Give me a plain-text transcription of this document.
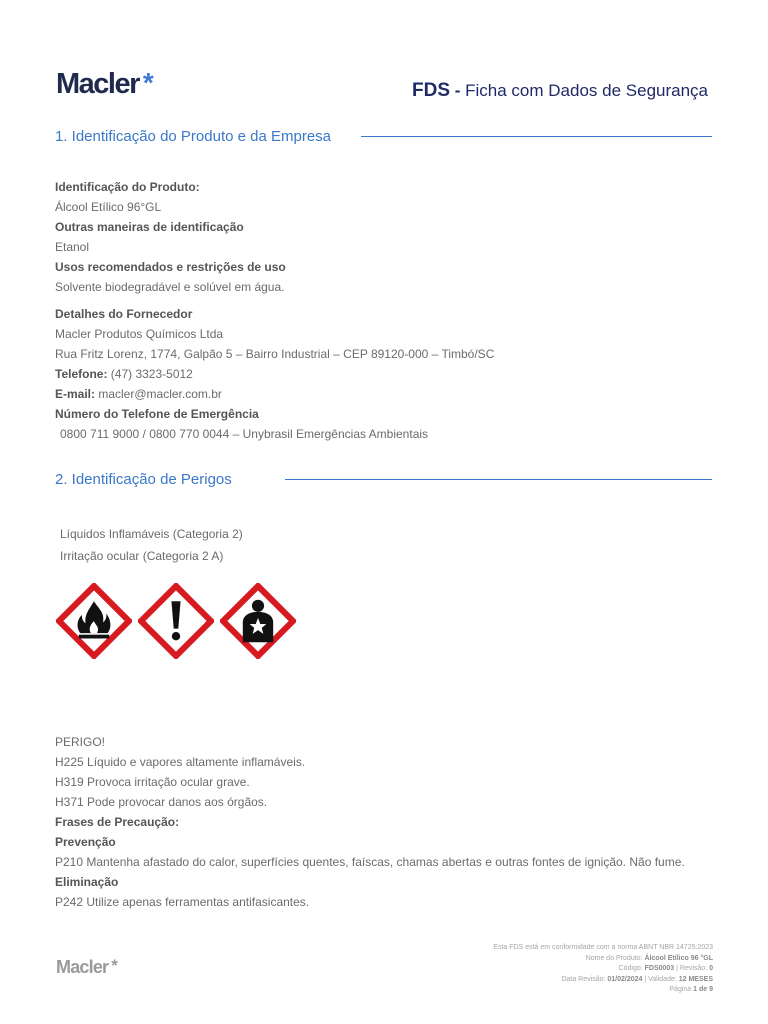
Macler *	FDS - Ficha com Dados de Segurança
1. Identificação do Produto e da Empresa

Identificação do Produto:

Álcool Etílico 96°GL

Outras maneiras de identificação

Etanol

Usos recomendados e restrições de uso

Solvente biodegradável e solúvel em água.

Detalhes do Fornecedor

Macler Produtos Químicos Ltda

Rua Fritz Lorenz, 1774, Galpão 5 – Bairro Industrial – CEP 89120-000 – Timbó/SC

Telefone: (47) 3323-5012

E-mail: macler@macler.com.br

Número do Telefone de Emergência

0800 711 9000 / 0800 770 0044 – Unybrasil Emergências Ambientais

2. Identificação de Perigos

Líquidos Inflamáveis (Categoria 2)

Irritação ocular (Categoria 2 A)

PERIGO!

H225 Líquido e vapores altamente inflamáveis.

H319 Provoca irritação ocular grave.

H371 Pode provocar danos aos órgãos.

Frases de Precaução:

Prevenção

P210 Mantenha afastado do calor, superfícies quentes, faíscas, chamas abertas e outras fontes de ignição. Não fume.

Eliminação

P242 Utilize apenas ferramentas antifasicantes.

Macler *
Esta FDS está em conformidade com a norma ABNT NBR 14725:2023
Nome do Produto: Álcool Etílico 96 °GL
Código: FDS0003 | Revisão: 0
Data Revisão: 01/02/2024 | Validade: 12 MESES
Página 1 de 9
